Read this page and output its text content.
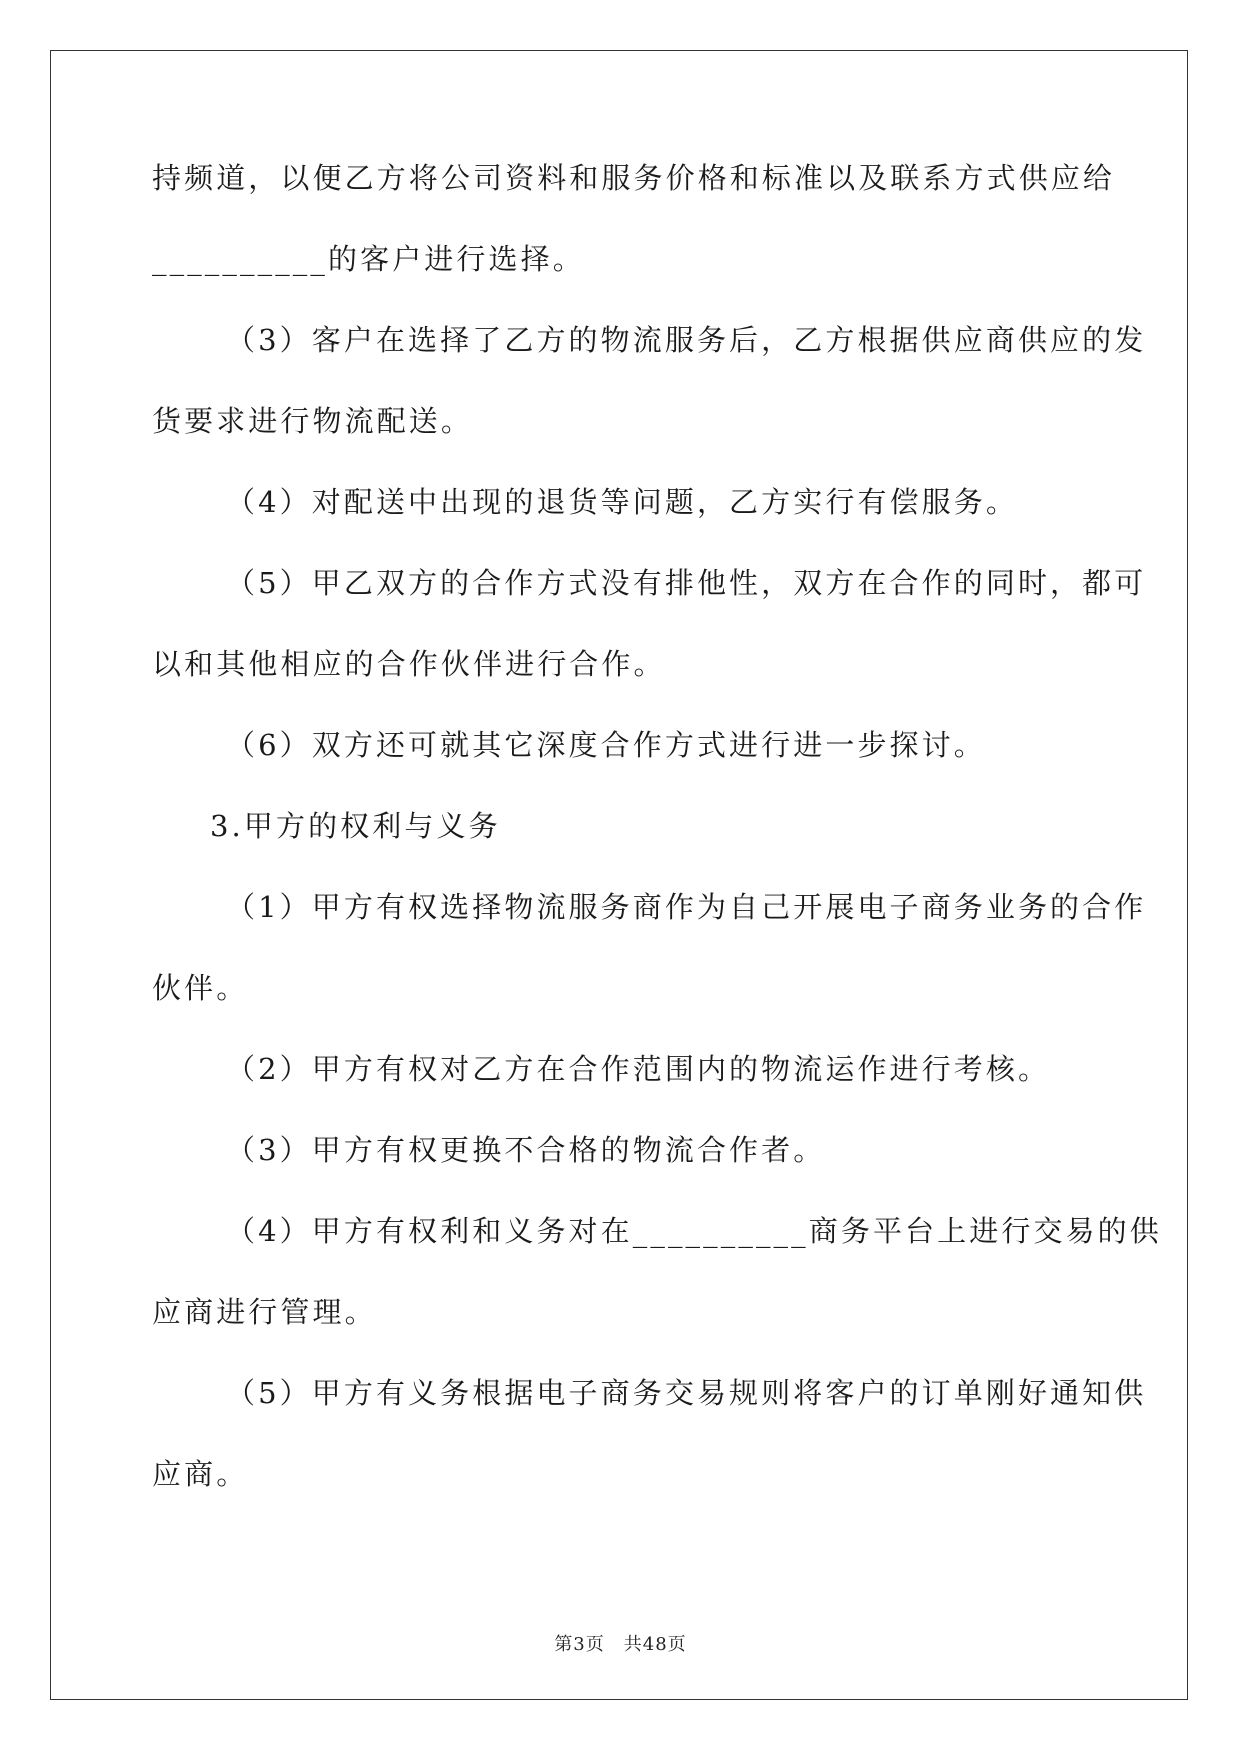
持频道，以便乙方将公司资料和服务价格和标准以及联系方式供应给
__________的客户进行选择。
（3）客户在选择了乙方的物流服务后，乙方根据供应商供应的发
货要求进行物流配送。
（4）对配送中出现的退货等问题，乙方实行有偿服务。
（5）甲乙双方的合作方式没有排他性，双方在合作的同时，都可
以和其他相应的合作伙伴进行合作。
（6）双方还可就其它深度合作方式进行进一步探讨。
3.甲方的权利与义务
（1）甲方有权选择物流服务商作为自己开展电子商务业务的合作
伙伴。
（2）甲方有权对乙方在合作范围内的物流运作进行考核。
（3）甲方有权更换不合格的物流合作者。
（4）甲方有权利和义务对在__________商务平台上进行交易的供
应商进行管理。
（5）甲方有义务根据电子商务交易规则将客户的订单刚好通知供
应商。
第3页　共48页
